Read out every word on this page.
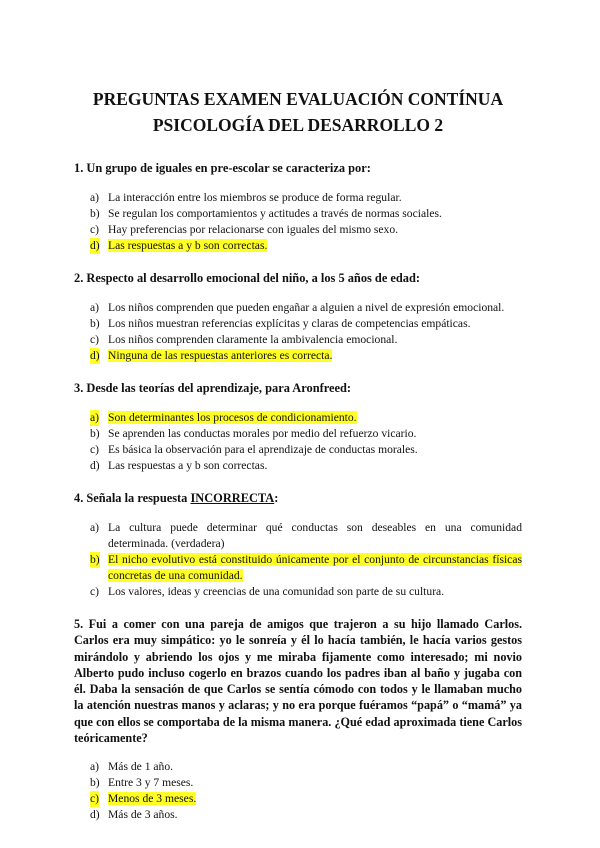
PREGUNTAS EXAMEN EVALUACIÓN CONTÍNUA
PSICOLOGÍA DEL DESARROLLO 2
1. Un grupo de iguales en pre-escolar se caracteriza por:
a) La interacción entre los miembros se produce de forma regular.
b) Se regulan los comportamientos y actitudes a través de normas sociales.
c) Hay preferencias por relacionarse con iguales del mismo sexo.
d) Las respuestas a y b son correctas.
2. Respecto al desarrollo emocional del niño, a los 5 años de edad:
a) Los niños comprenden que pueden engañar a alguien a nivel de expresión emocional.
b) Los niños muestran referencias explícitas y claras de competencias empáticas.
c) Los niños comprenden claramente la ambivalencia emocional.
d) Ninguna de las respuestas anteriores es correcta.
3. Desde las teorías del aprendizaje, para Aronfreed:
a) Son determinantes los procesos de condicionamiento.
b) Se aprenden las conductas morales por medio del refuerzo vicario.
c) Es básica la observación para el aprendizaje de conductas morales.
d) Las respuestas a y b son correctas.
4. Señala la respuesta INCORRECTA:
a) La cultura puede determinar qué conductas son deseables en una comunidad determinada. (verdadera)
b) El nicho evolutivo está constituido únicamente por el conjunto de circunstancias físicas concretas de una comunidad.
c) Los valores, ideas y creencias de una comunidad son parte de su cultura.
5. Fui a comer con una pareja de amigos que trajeron a su hijo llamado Carlos. Carlos era muy simpático: yo le sonreía y él lo hacía también, le hacía varios gestos mirándolo y abriendo los ojos y me miraba fijamente como interesado; mi novio Alberto pudo incluso cogerlo en brazos cuando los padres iban al baño y jugaba con él. Daba la sensación de que Carlos se sentía cómodo con todos y le llamaban mucho la atención nuestras manos y aclaras; y no era porque fuéramos “papá” o “mamá” ya que con ellos se comportaba de la misma manera. ¿Qué edad aproximada tiene Carlos teóricamente?
a) Más de 1 año.
b) Entre 3 y 7 meses.
c) Menos de 3 meses.
d) Más de 3 años.
